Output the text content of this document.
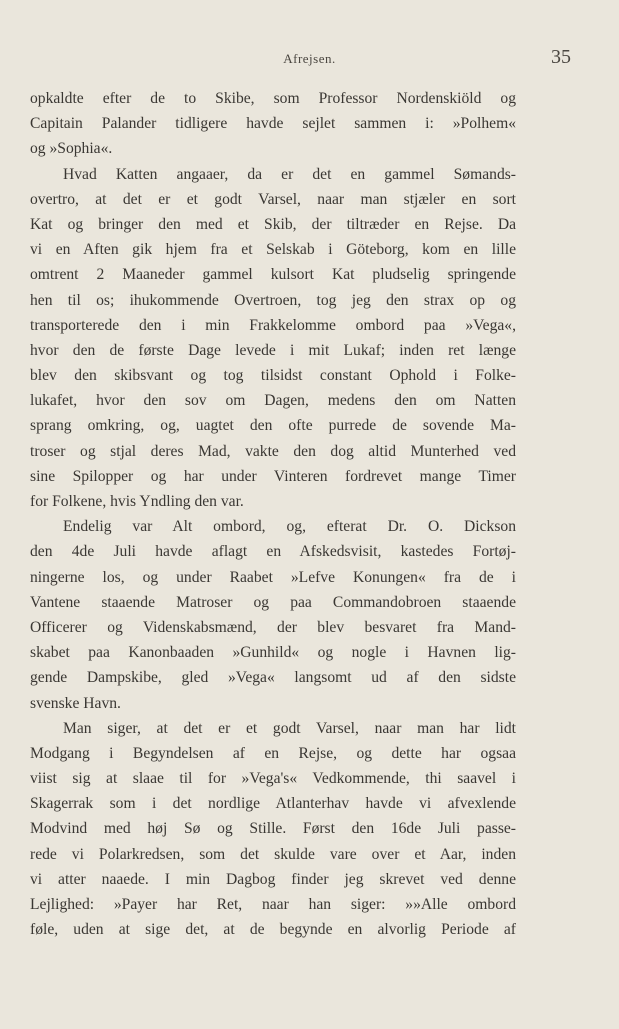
Afrejsen.	35
opkaldte efter de to Skibe, som Professor Nordenskiöld og
Capitain Palander tidligere havde sejlet sammen i: »Polhem«
og »Sophia«.
Hvad Katten angaaer, da er det en gammel Sømands-
overtro, at det er et godt Varsel, naar man stjæler en sort
Kat og bringer den med et Skib, der tiltræder en Rejse. Da
vi en Aften gik hjem fra et Selskab i Göteborg, kom en lille
omtrent 2 Maaneder gammel kulsort Kat pludselig springende
hen til os; ihukommende Overtroen, tog jeg den strax op og
transporterede den i min Frakkelomme ombord paa »Vega«,
hvor den de første Dage levede i mit Lukaf; inden ret længe
blev den skibsvant og tog tilsidst constant Ophold i Folke-
lukafet, hvor den sov om Dagen, medens den om Natten
sprang omkring, og, uagtet den ofte purrede de sovende Ma-
troser og stjal deres Mad, vakte den dog altid Munterhed ved
sine Spilopper og har under Vinteren fordrevet mange Timer
for Folkene, hvis Yndling den var.
Endelig var Alt ombord, og, efterat Dr. O. Dickson
den 4de Juli havde aflagt en Afskedsvisit, kastedes Fortøj-
ningerne los, og under Raabet »Lefve Konungen« fra de i
Vantene staaende Matroser og paa Commandobroen staaende
Officerer og Videnskabsmænd, der blev besvaret fra Mand-
skabet paa Kanonbaaden »Gunhild« og nogle i Havnen lig-
gende Dampskibe, gled »Vega« langsomt ud af den sidste
svenske Havn.
Man siger, at det er et godt Varsel, naar man har lidt
Modgang i Begyndelsen af en Rejse, og dette har ogsaa
viist sig at slaae til for »Vega's« Vedkommende, thi saavel i
Skagerrak som i det nordlige Atlanterhav havde vi afvexlende
Modvind med høj Sø og Stille. Først den 16de Juli passe-
rede vi Polarkredsen, som det skulde vare over et Aar, inden
vi atter naaede. I min Dagbog finder jeg skrevet ved denne
Lejlighed: »Payer har Ret, naar han siger: »»Alle ombord
føle, uden at sige det, at de begynde en alvorlig Periode af
